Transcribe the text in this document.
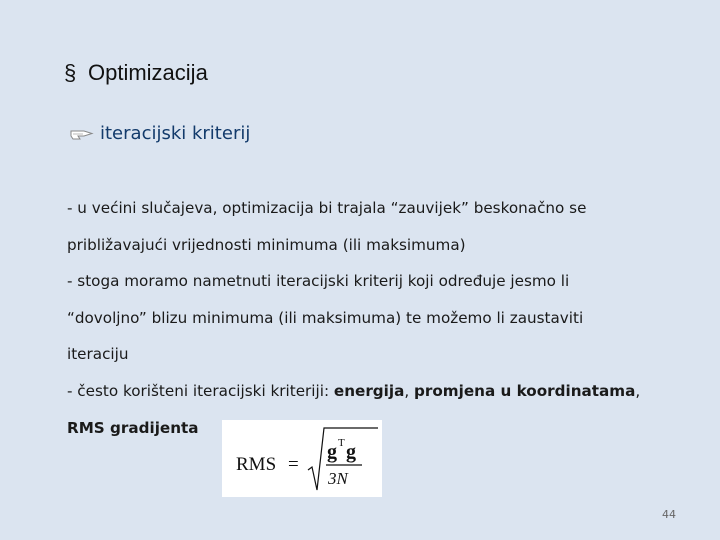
§ Optimizacija
iteracijski kriterij
- u većini slučajeva, optimizacija bi trajala “zauvijek” beskonačno se
približavajući vrijednosti minimuma (ili maksimuma)
- stoga moramo nametnuti iteracijski kriterij koji određuje jesmo li
“dovoljno” blizu minimuma (ili maksimuma) te možemo li zaustaviti
iteraciju
- često korišteni iteracijski kriteriji: energija, promjena u koordinatama,
RMS gradijenta
RMS =
g T g
3N
44
